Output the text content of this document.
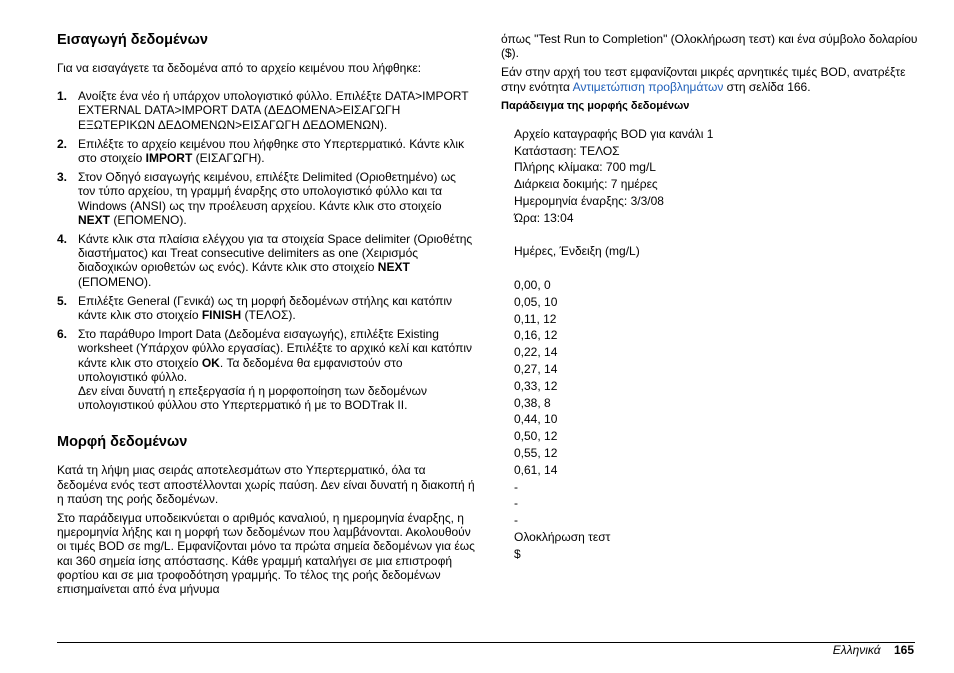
Εισαγωγή δεδομένων

Για να εισαγάγετε τα δεδομένα από το αρχείο κειμένου που λήφθηκε:

1. Ανοίξτε ένα νέο ή υπάρχον υπολογιστικό φύλλο. Επιλέξτε DATA>IMPORT EXTERNAL DATA>IMPORT DATA (ΔΕΔΟΜΕΝΑ>ΕΙΣΑΓΩΓΗ ΕΞΩΤΕΡΙΚΩΝ ΔΕΔΟΜΕΝΩΝ>ΕΙΣΑΓΩΓΗ ΔΕΔΟΜΕΝΩΝ).
2. Επιλέξτε το αρχείο κειμένου που λήφθηκε στο Υπερτερματικό. Κάντε κλικ στο στοιχείο IMPORT (ΕΙΣΑΓΩΓΗ).
3. Στον Οδηγό εισαγωγής κειμένου, επιλέξτε Delimited (Οριοθετημένο) ως τον τύπο αρχείου, τη γραμμή έναρξης στο υπολογιστικό φύλλο και τα Windows (ANSI) ως την προέλευση αρχείου. Κάντε κλικ στο στοιχείο NEXT (ΕΠΟΜΕΝΟ).
4. Κάντε κλικ στα πλαίσια ελέγχου για τα στοιχεία Space delimiter (Οριοθέτης διαστήματος) και Treat consecutive delimiters as one (Χειρισμός διαδοχικών οριοθετών ως ενός). Κάντε κλικ στο στοιχείο NEXT (ΕΠΟΜΕΝΟ).
5. Επιλέξτε General (Γενικά) ως τη μορφή δεδομένων στήλης και κατόπιν κάντε κλικ στο στοιχείο FINISH (ΤΕΛΟΣ).
6. Στο παράθυρο Import Data (Δεδομένα εισαγωγής), επιλέξτε Existing worksheet (Υπάρχον φύλλο εργασίας). Επιλέξτε το αρχικό κελί και κατόπιν κάντε κλικ στο στοιχείο OK. Τα δεδομένα θα εμφανιστούν στο υπολογιστικό φύλλο.
Δεν είναι δυνατή η επεξεργασία ή η μορφοποίηση των δεδομένων υπολογιστικού φύλλου στο Υπερτερματικό ή με το BODTrak II.
Μορφή δεδομένων

Κατά τη λήψη μιας σειράς αποτελεσμάτων στο Υπερτερματικό, όλα τα δεδομένα ενός τεστ αποστέλλονται χωρίς παύση. Δεν είναι δυνατή η διακοπή ή η παύση της ροής δεδομένων.

Στο παράδειγμα υποδεικνύεται ο αριθμός καναλιού, η ημερομηνία έναρξης, η ημερομηνία λήξης και η μορφή των δεδομένων που λαμβάνονται. Ακολουθούν οι τιμές BOD σε mg/L. Εμφανίζονται μόνο τα πρώτα σημεία δεδομένων για έως και 360 σημεία ίσης απόστασης. Κάθε γραμμή καταλήγει σε μια επιστροφή φορτίου και σε μια τροφοδότηση γραμμής. Το τέλος της ροής δεδομένων επισημαίνεται από ένα μήνυμα

όπως "Test Run to Completion" (Ολοκλήρωση τεστ) και ένα σύμβολο δολαρίου ($).

Εάν στην αρχή του τεστ εμφανίζονται μικρές αρνητικές τιμές BOD, ανατρέξτε στην ενότητα Αντιμετώπιση προβλημάτων στη σελίδα 166.

Παράδειγμα της μορφής δεδομένων
Αρχείο καταγραφής BOD για κανάλι 1
Κατάσταση: ΤΕΛΟΣ
Πλήρης κλίμακα: 700 mg/L
Διάρκεια δοκιμής: 7 ημέρες
Ημερομηνία έναρξης: 3/3/08
Ώρα: 13:04
Ημέρες, Ένδειξη (mg/L)
0,00, 0
0,05, 10
0,11, 12
0,16, 12
0,22, 14
0,27, 14
0,33, 12
0,38, 8
0,44, 10
0,50, 12
0,55, 12
0,61, 14
-
-
-
Ολοκλήρωση τεστ
$
Ελληνικά 165
